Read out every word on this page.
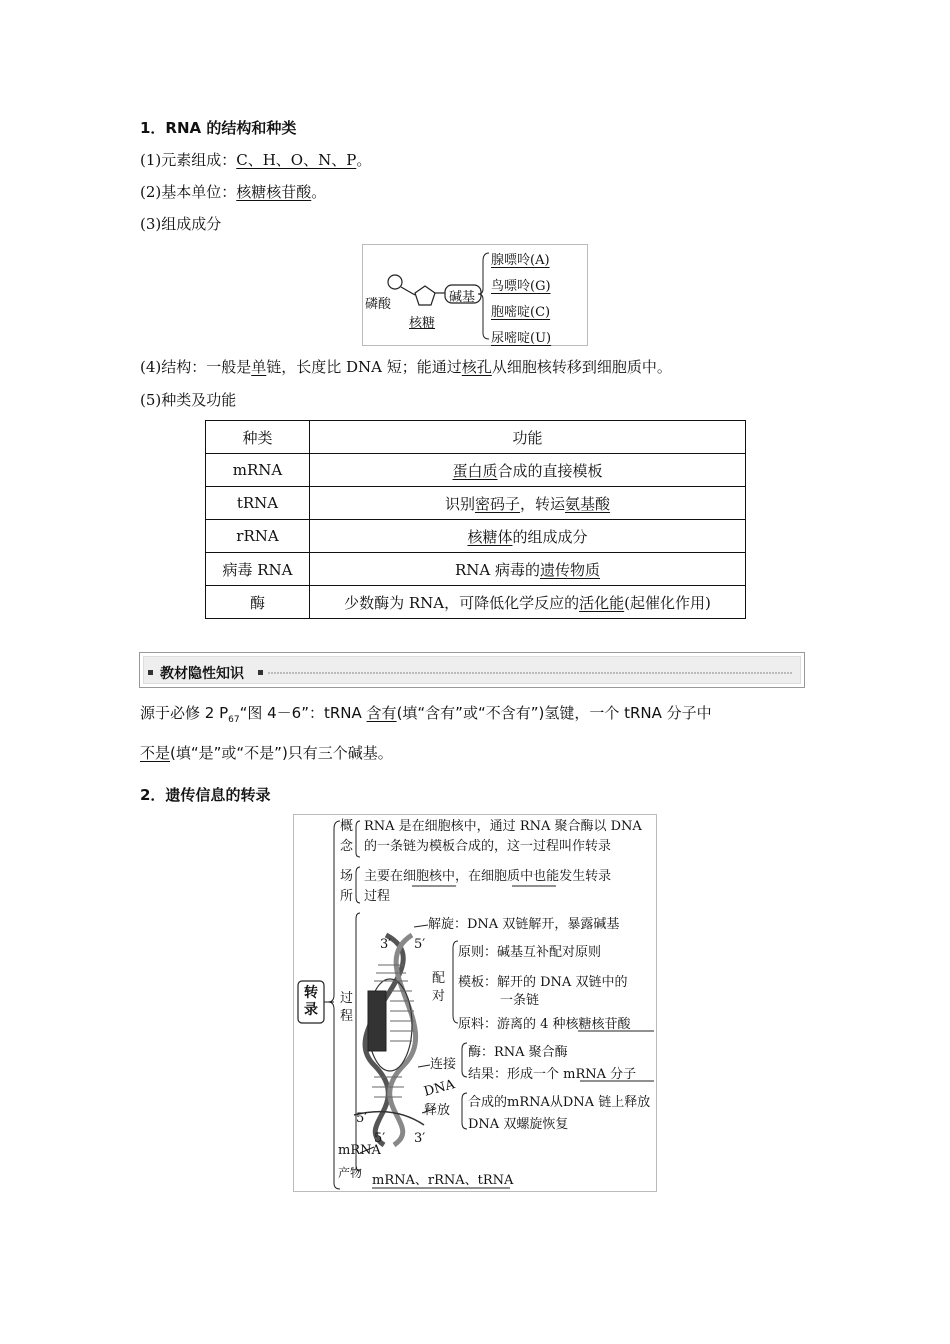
1．RNA 的结构和种类
(1)元素组成：C、H、O、N、P。
(2)基本单位：核糖核苷酸。
(3)组成成分
磷酸
核糖
碱基
腺嘌呤(A)
鸟嘌呤(G)
胞嘧啶(C)
尿嘧啶(U)
(4)结构：一般是单链，长度比 DNA 短；能通过核孔从细胞核转移到细胞质中。
(5)种类及功能
种类	功能
mRNA	蛋白质合成的直接模板
tRNA	识别密码子，转运氨基酸
rRNA	核糖体的组成成分
病毒 RNA	RNA 病毒的遗传物质
酶	少数酶为 RNA，可降低化学反应的活化能(起催化作用)
教材隐性知识
源于必修 2 $P_{67}“$图 4－6”：tRNA 含有(填“含有”或“不含有”)氢键，一个 tRNA 分子中
不是(填“是”或“不是”)只有三个碱基。
2．遗传信息的转录
转录
概
念
RNA 是在细胞核中，通过 RNA 聚合酶以 DNA
的一条链为模板合成的，这一过程叫作转录
场
所
主要在细胞核中，在细胞质中也能发生转录
过程
过
程
解旋：DNA 双链解开，暴露碱基
3′ 5′
配
对
原则：碱基互补配对原则
模板：解开的 DNA 双链中的
一条链
原料：游离的 4 种核糖核苷酸
连接
酶：RNA 聚合酶
结果：形成一个 mRNA 分子
DNA
释放
合成的mRNA从DNA 链上释放
DNA 双螺旋恢复
5′
5′ 3′
mRNA
产物 mRNA、rRNA、tRNA
